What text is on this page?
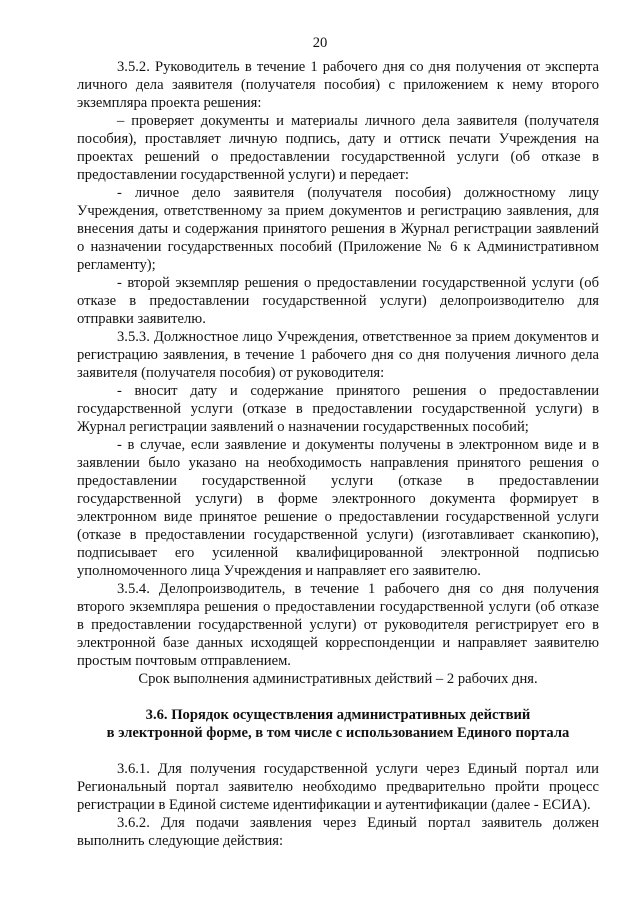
20

3.5.2. Руководитель в течение 1 рабочего дня со дня получения от эксперта личного дела заявителя (получателя пособия) с приложением к нему второго экземпляра проекта решения:

– проверяет документы и материалы личного дела заявителя (получателя пособия), проставляет личную подпись, дату и оттиск печати Учреждения на проектах решений о предоставлении государственной услуги (об отказе в предоставлении государственной услуги) и передает:

- личное дело заявителя (получателя пособия) должностному лицу Учреждения, ответственному за прием документов и регистрацию заявления, для внесения даты и содержания принятого решения в Журнал регистрации заявлений о назначении государственных пособий (Приложение № 6 к Административном регламенту);

- второй экземпляр решения о предоставлении государственной услуги (об отказе в предоставлении государственной услуги) делопроизводителю для отправки заявителю.

3.5.3. Должностное лицо Учреждения, ответственное за прием документов и регистрацию заявления, в течение 1 рабочего дня со дня получения личного дела заявителя (получателя пособия) от руководителя:

- вносит дату и содержание принятого решения о предоставлении государственной услуги (отказе в предоставлении государственной услуги) в Журнал регистрации заявлений о назначении государственных пособий;

- в случае, если заявление и документы получены в электронном виде и в заявлении было указано на необходимость направления принятого решения о предоставлении государственной услуги (отказе в предоставлении государственной услуги) в форме электронного документа формирует в электронном виде принятое решение о предоставлении государственной услуги (отказе в предоставлении государственной услуги) (изготавливает сканкопию), подписывает его усиленной квалифицированной электронной подписью уполномоченного лица Учреждения и направляет его заявителю.

3.5.4. Делопроизводитель, в течение 1 рабочего дня со дня получения второго экземпляра решения о предоставлении государственной услуги (об отказе в предоставлении государственной услуги) от руководителя регистрирует его в электронной базе данных исходящей корреспонденции и направляет заявителю простым почтовым отправлением.

Срок выполнения административных действий – 2 рабочих дня.

3.6. Порядок осуществления административных действий

в электронной форме, в том числе с использованием Единого портала

3.6.1. Для получения государственной услуги через Единый портал или Региональный портал заявителю необходимо предварительно пройти процесс регистрации в Единой системе идентификации и аутентификации (далее - ЕСИА).

3.6.2. Для подачи заявления через Единый портал заявитель должен выполнить следующие действия:
